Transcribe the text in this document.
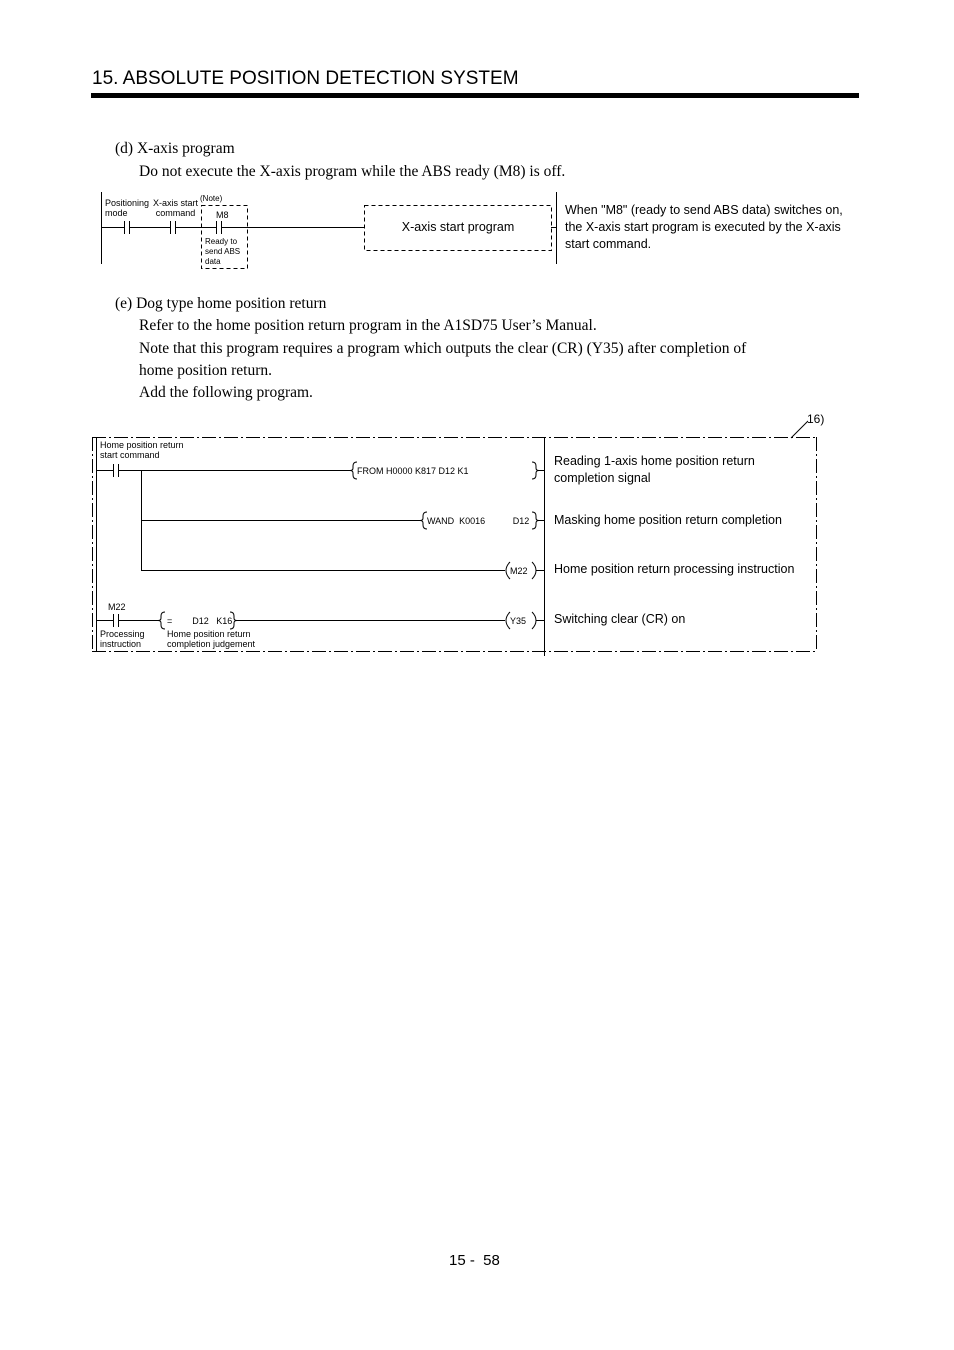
15. ABSOLUTE POSITION DETECTION SYSTEM
(d) X-axis program
Do not execute the X-axis program while the ABS ready (M8) is off.
Positioning
mode
X-axis start
command
(Note)
M8
Ready to
send ABS
data
X-axis start program
When "M8" (ready to send ABS data) switches on,
the X-axis start program is executed by the X-axis
start command.
(e) Dog type home position return
Refer to the home position return program in the A1SD75 User’s Manual.
Note that this program requires a program which outputs the clear (CR) (Y35) after completion of
home position return.
Add the following program.
16)
Home position return
start command
FROM H0000 K817 D12 K1
WAND  K0016           D12
M22
M22
=        D12   K16	Y35
Processing
instruction
Home position return
completion judgement
Reading 1-axis home position return
completion signal
Masking home position return completion
Home position return processing instruction
Switching clear (CR) on
15 -  58
